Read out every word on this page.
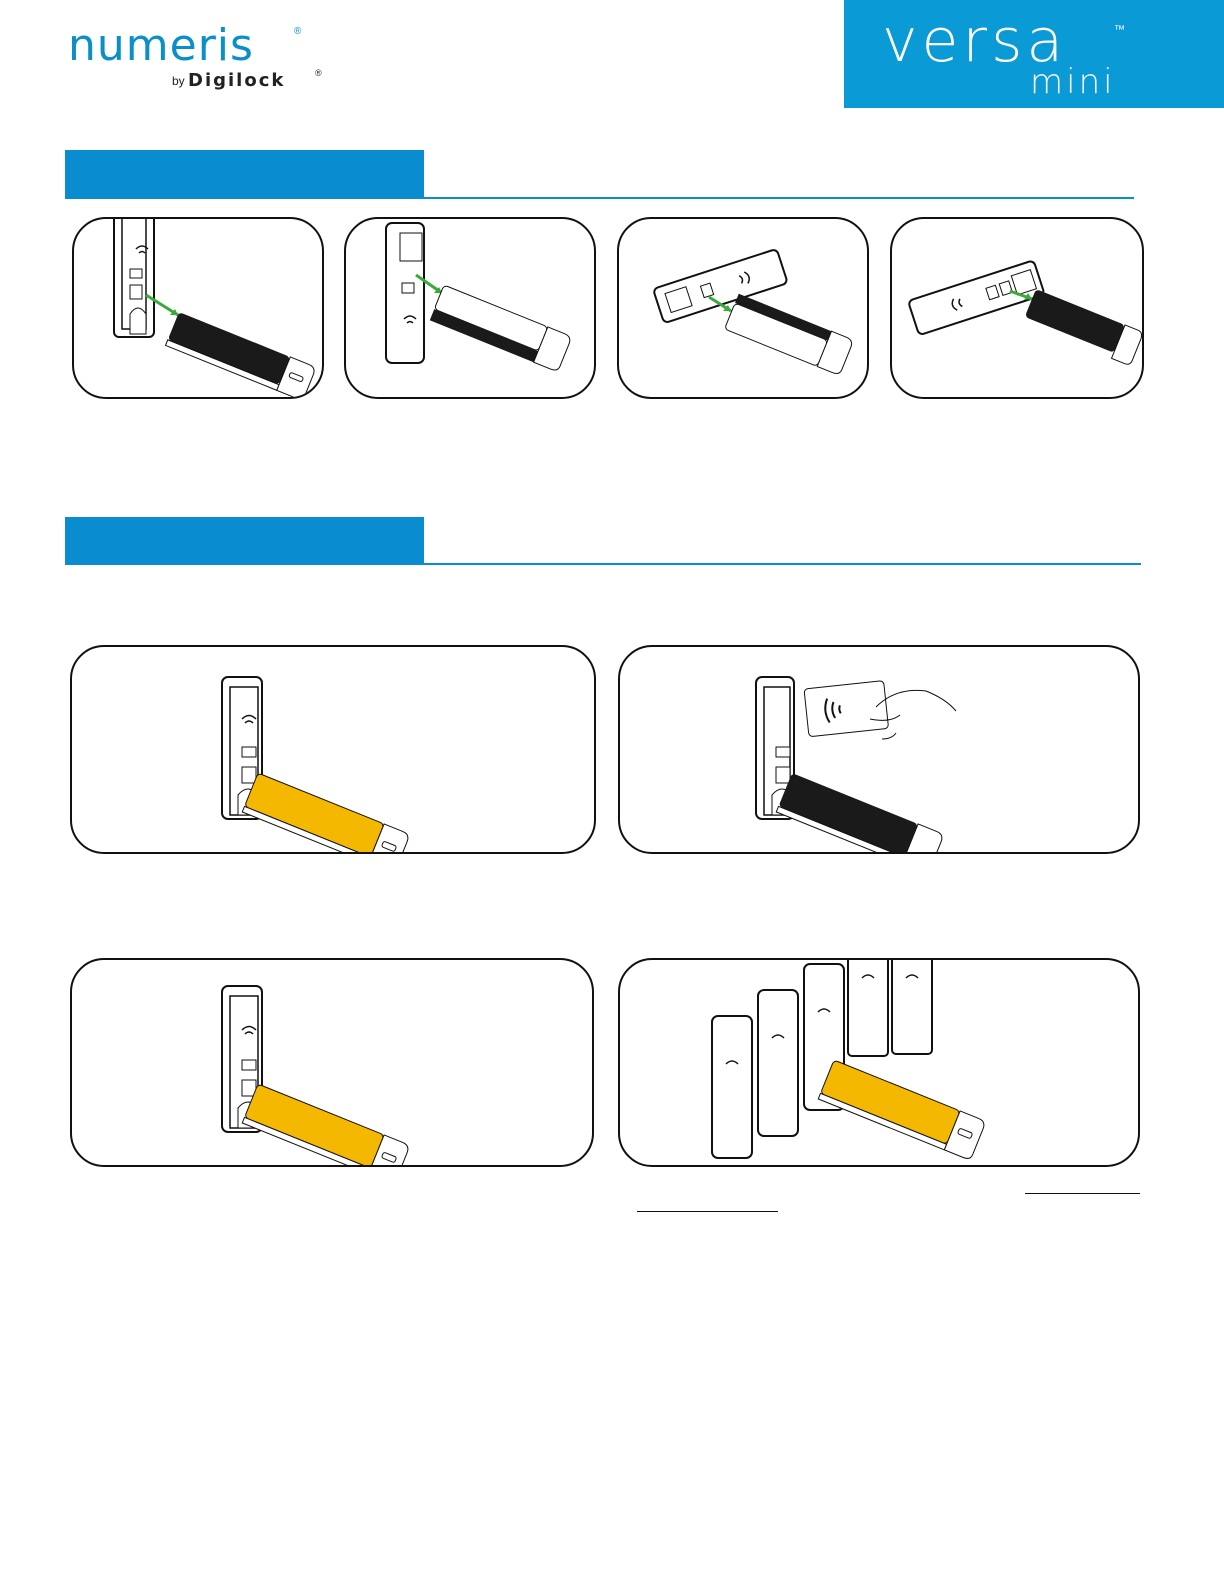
numeris	®
by Digilock	®	versa	™
mini
